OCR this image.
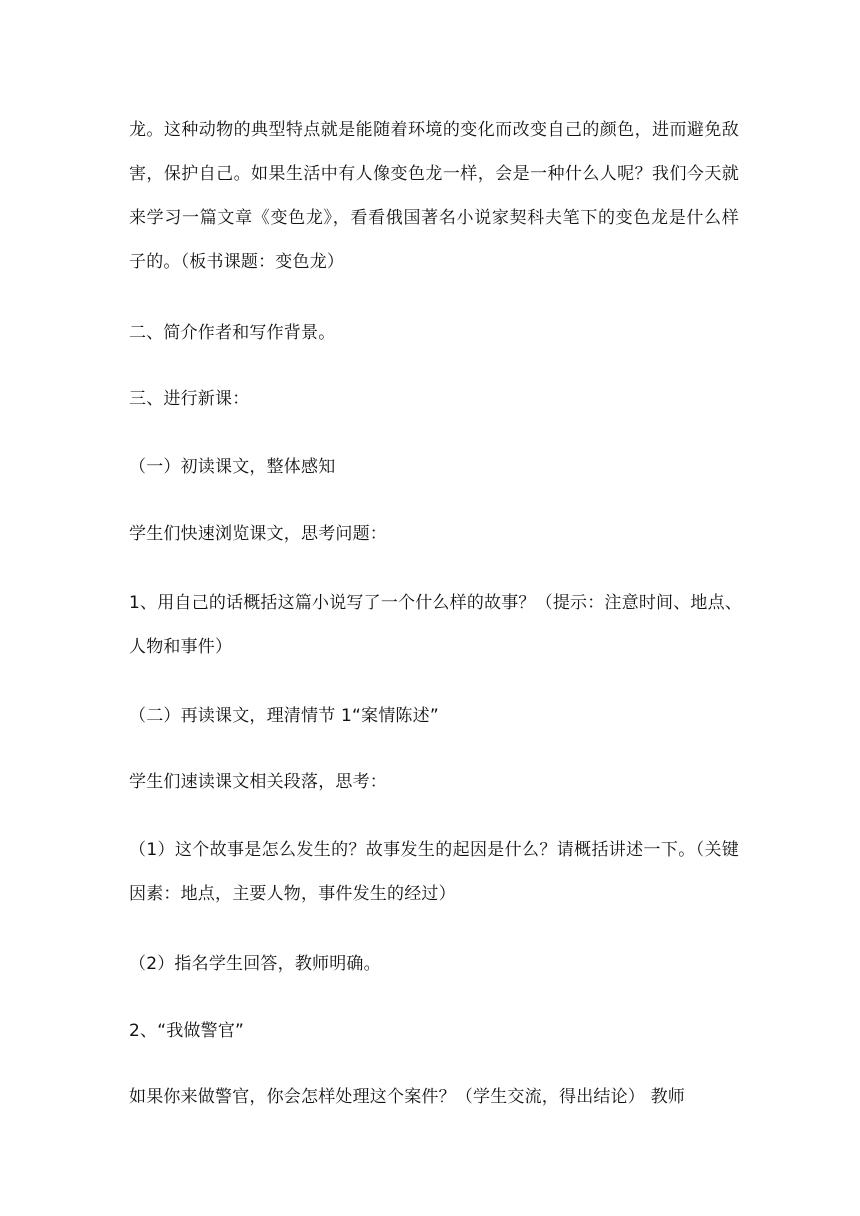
龙。这种动物的典型特点就是能随着环境的变化而改变自己的颜色，进而避免敌
害，保护自己。如果生活中有人像变色龙一样，会是一种什么人呢？我们今天就
来学习一篇文章《变色龙》，看看俄国著名小说家契科夫笔下的变色龙是什么样
子的。（板书课题：变色龙）
二、简介作者和写作背景。
三、进行新课：
（一）初读课文，整体感知
学生们快速浏览课文，思考问题：
1、用自己的话概括这篇小说写了一个什么样的故事？（提示：注意时间、地点、
人物和事件）
（二）再读课文，理清情节 1“案情陈述”
学生们速读课文相关段落，思考：
（1）这个故事是怎么发生的？故事发生的起因是什么？请概括讲述一下。（关键
因素：地点，主要人物，事件发生的经过）
（2）指名学生回答，教师明确。
2、“我做警官”
如果你来做警官，你会怎样处理这个案件？（学生交流，得出结论） 教师
